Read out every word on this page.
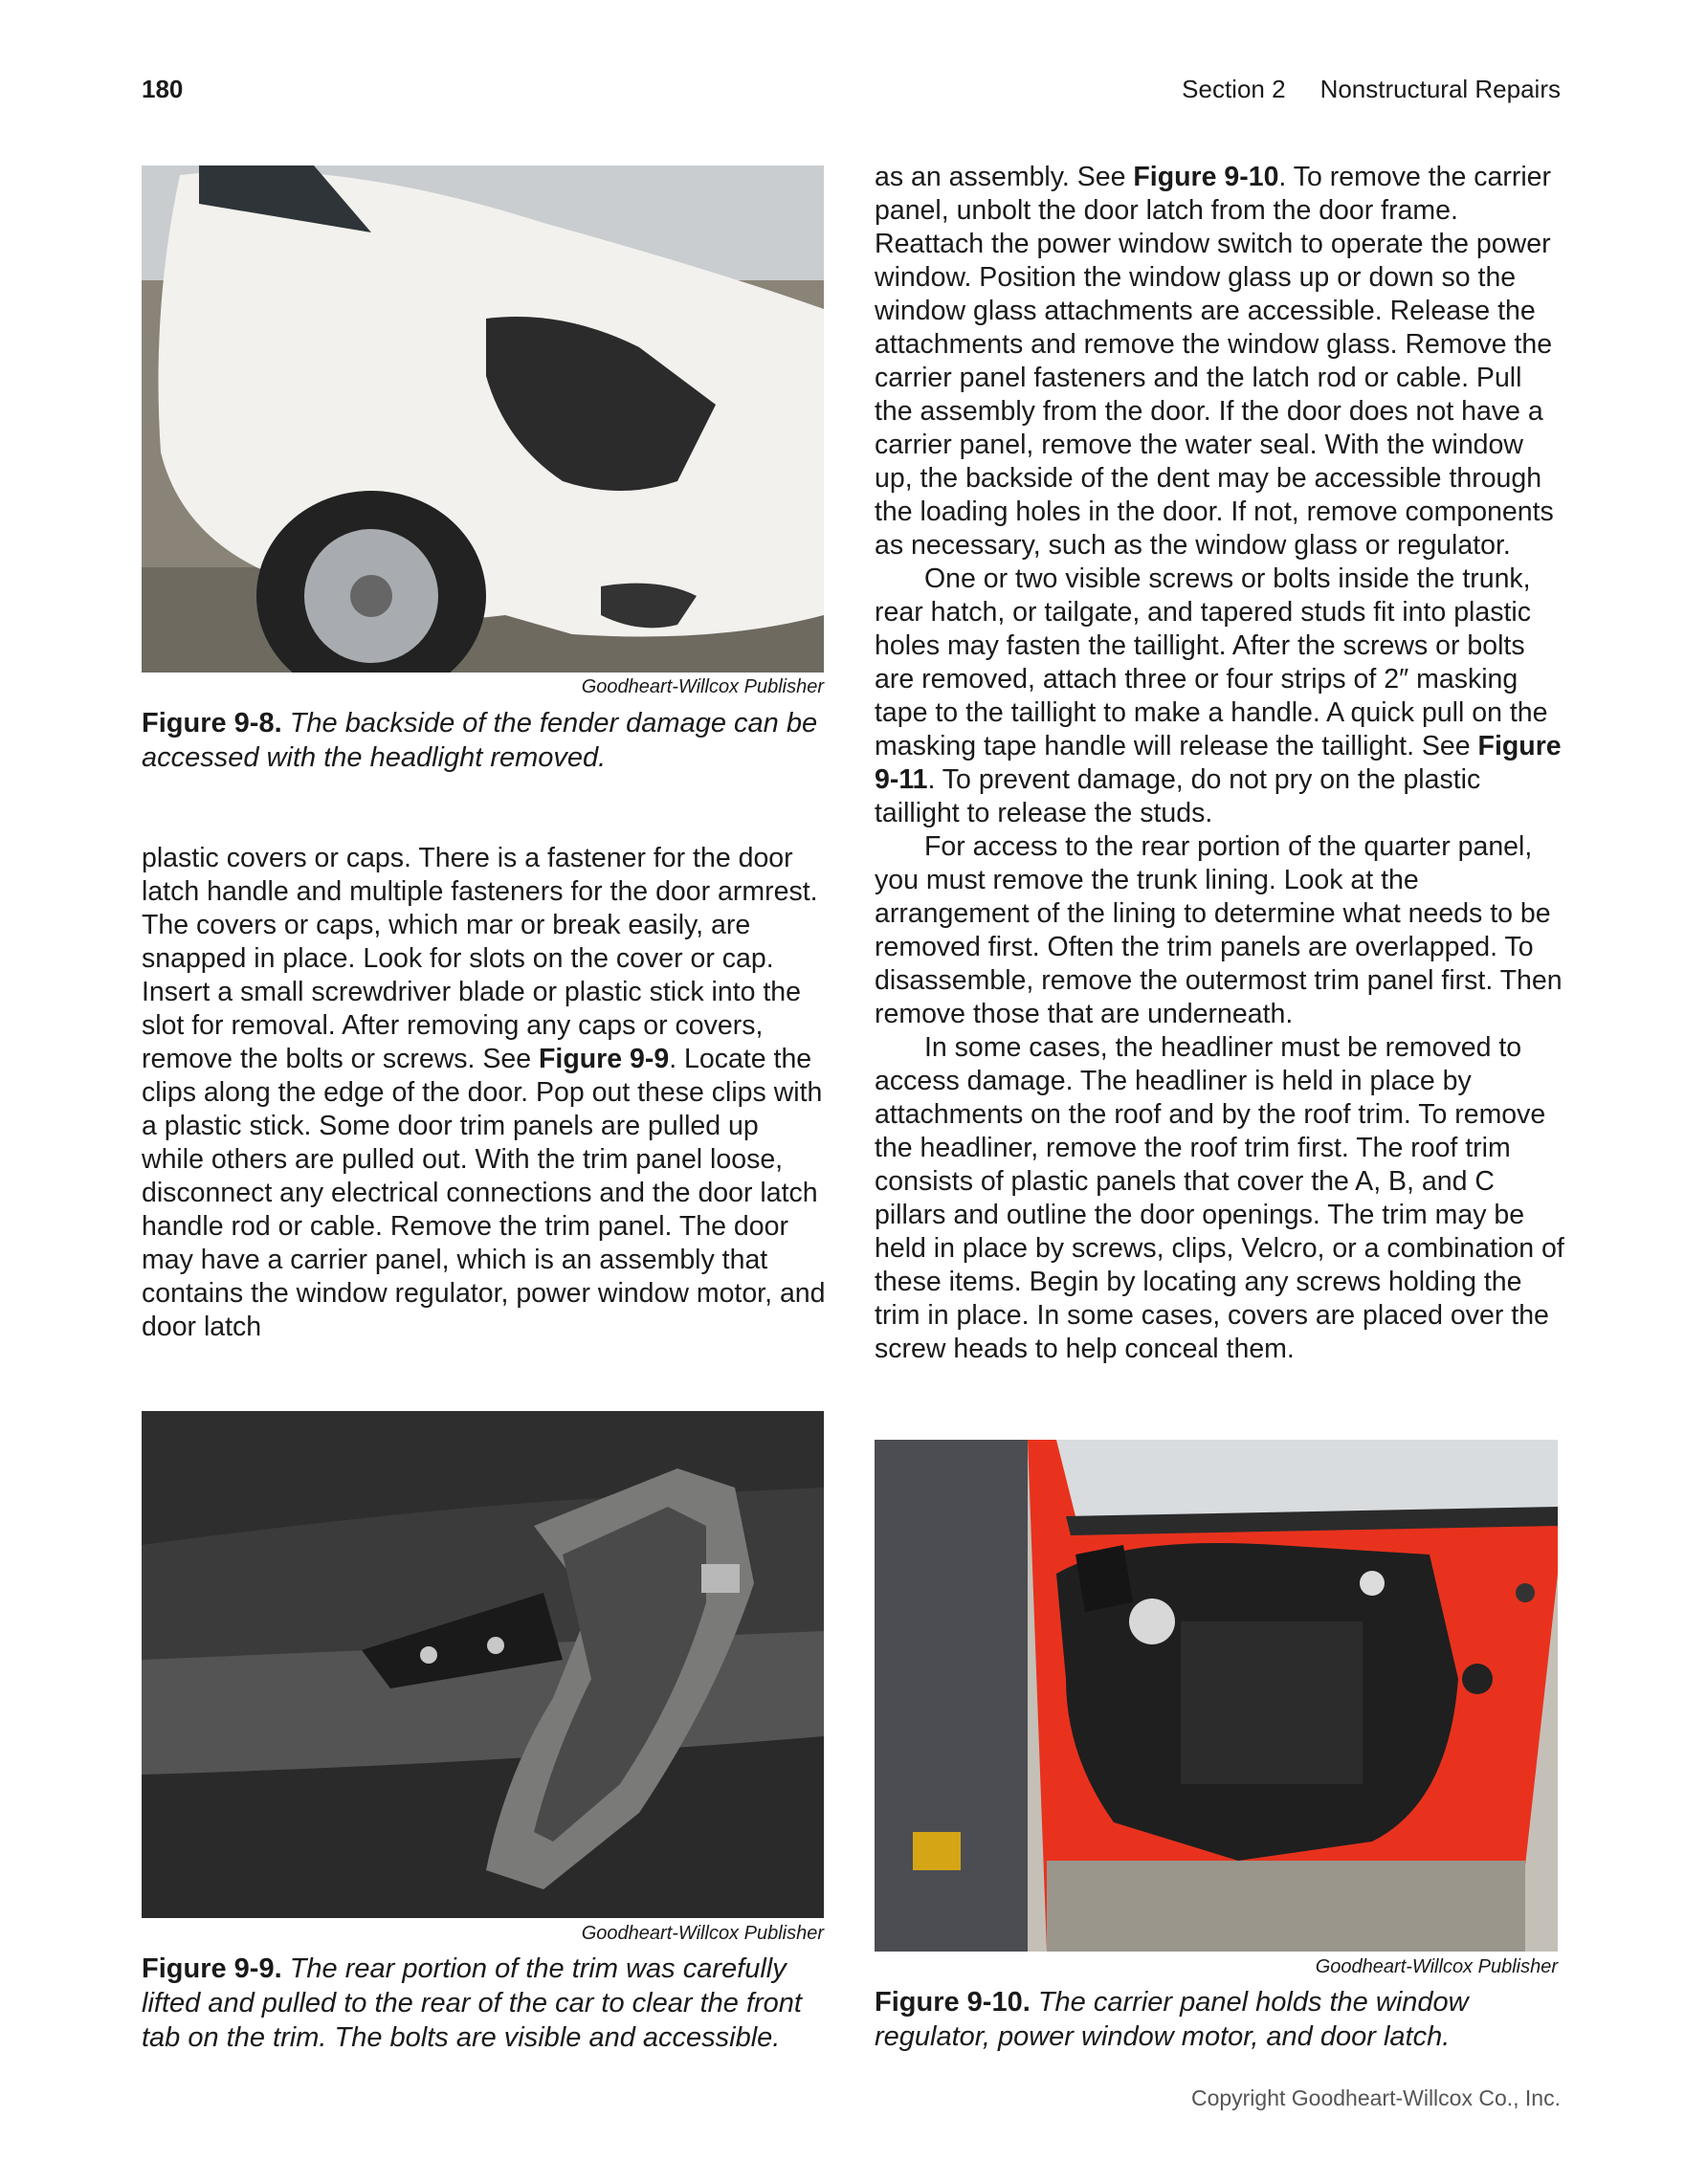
180	Section 2 Nonstructural Repairs
Goodheart-Willcox Publisher
Figure 9-8. The backside of the fender damage can be accessed with the headlight removed.

plastic covers or caps. There is a fastener for the door latch handle and multiple fasteners for the door armrest. The covers or caps, which mar or break easily, are snapped in place. Look for slots on the cover or cap. Insert a small screwdriver blade or plastic stick into the slot for removal. After removing any caps or covers, remove the bolts or screws. See Figure 9-9. Locate the clips along the edge of the door. Pop out these clips with a plastic stick. Some door trim panels are pulled up while others are pulled out. With the trim panel loose, disconnect any electrical connections and the door latch handle rod or cable. Remove the trim panel. The door may have a carrier panel, which is an assembly that contains the window regulator, power window motor, and door latch

as an assembly. See Figure 9-10. To remove the carrier panel, unbolt the door latch from the door frame. Reattach the power window switch to operate the power window. Position the window glass up or down so the window glass attachments are accessible. Release the attachments and remove the window glass. Remove the carrier panel fasteners and the latch rod or cable. Pull the assembly from the door. If the door does not have a carrier panel, remove the water seal. With the window up, the backside of the dent may be accessible through the loading holes in the door. If not, remove components as necessary, such as the window glass or regulator.

One or two visible screws or bolts inside the trunk, rear hatch, or tailgate, and tapered studs fit into plastic holes may fasten the taillight. After the screws or bolts are removed, attach three or four strips of 2″ masking tape to the taillight to make a handle. A quick pull on the masking tape handle will release the taillight. See Figure 9-11. To prevent damage, do not pry on the plastic taillight to release the studs.

For access to the rear portion of the quarter panel, you must remove the trunk lining. Look at the arrangement of the lining to determine what needs to be removed first. Often the trim panels are overlapped. To disassemble, remove the outermost trim panel first. Then remove those that are underneath.

In some cases, the headliner must be removed to access damage. The headliner is held in place by attachments on the roof and by the roof trim. To remove the headliner, remove the roof trim first. The roof trim consists of plastic panels that cover the A, B, and C pillars and outline the door openings. The trim may be held in place by screws, clips, Velcro, or a combination of these items. Begin by locating any screws holding the trim in place. In some cases, covers are placed over the screw heads to help conceal them.

Goodheart-Willcox Publisher
Figure 9-9. The rear portion of the trim was carefully lifted and pulled to the rear of the car to clear the front tab on the trim. The bolts are visible and accessible.
Goodheart-Willcox Publisher
Figure 9-10. The carrier panel holds the window regulator, power window motor, and door latch.
Copyright Goodheart-Willcox Co., Inc.
